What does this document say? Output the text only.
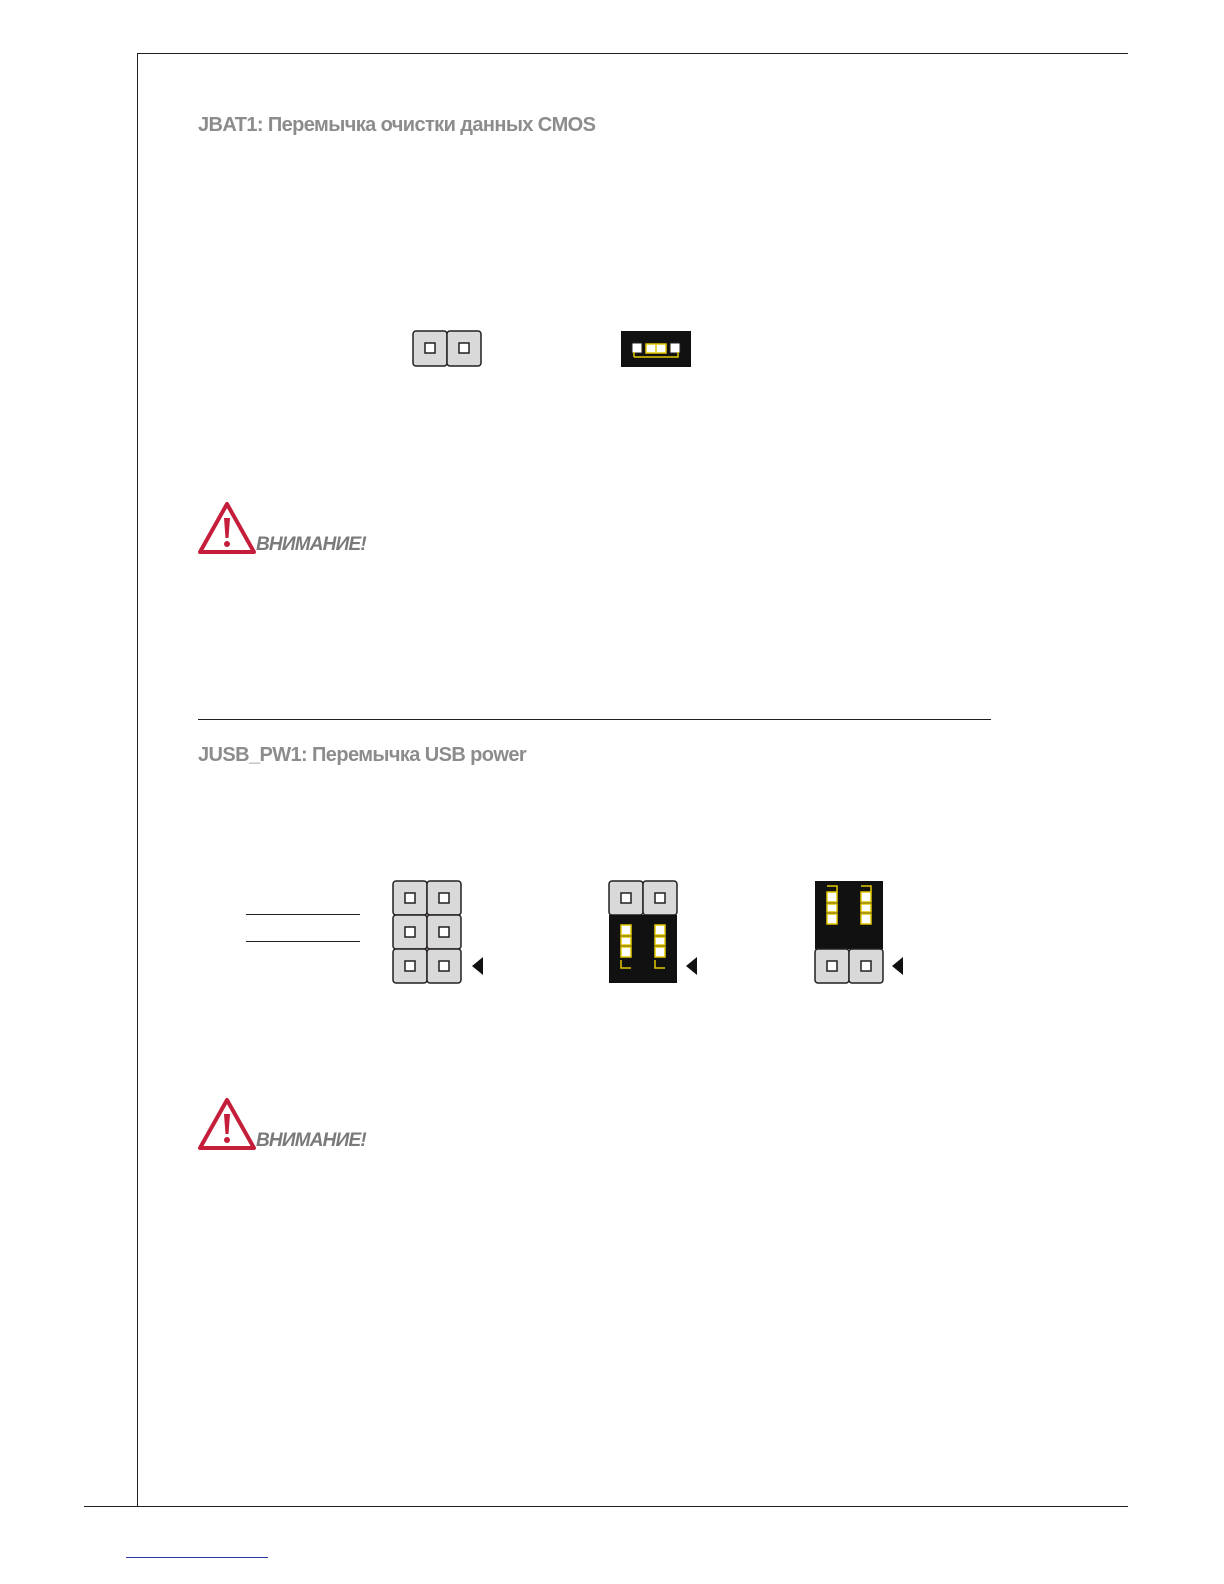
JBAT1: Перемычка очистки данных CMOS
ВНИМАНИЕ!
JUSB_PW1: Перемычка USB power
ВНИМАНИЕ!
